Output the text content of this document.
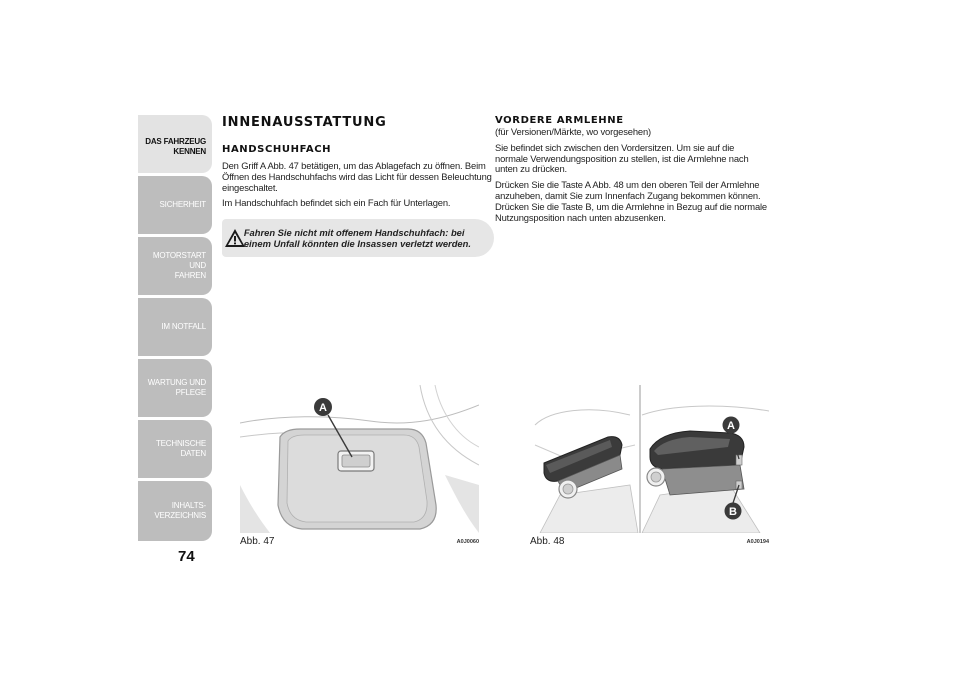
DAS FAHRZEUG
KENNEN
SICHERHEIT
MOTORSTART UND
FAHREN
IM NOTFALL
WARTUNG UND
PFLEGE
TECHNISCHE DATEN
INHALTS-
VERZEICHNIS
74
INNENAUSSTATTUNG
HANDSCHUHFACH
Den Griff A Abb. 47 betätigen, um das Ablagefach zu öffnen. Beim Öffnen des Handschuhfachs wird das Licht für dessen Beleuchtung eingeschaltet.
Im Handschuhfach befindet sich ein Fach für Unterlagen.
Fahren Sie nicht mit offenem Handschuhfach: bei einem Unfall könnten die Insassen verletzt werden.
VORDERE ARMLEHNE
(für Versionen/Märkte, wo vorgesehen)
Sie befindet sich zwischen den Vordersitzen. Um sie auf die normale Verwendungsposition zu stellen, ist die Armlehne nach unten zu drücken.
Drücken Sie die Taste A Abb. 48 um den oberen Teil der Armlehne anzuheben, damit Sie zum Innenfach Zugang bekommen können. Drücken Sie die Taste B, um die Armlehne in Bezug auf die normale Nutzungsposition nach unten abzusenken.
A
Abb. 47	A0J0060
A
B
Abb. 48	A0J0194
